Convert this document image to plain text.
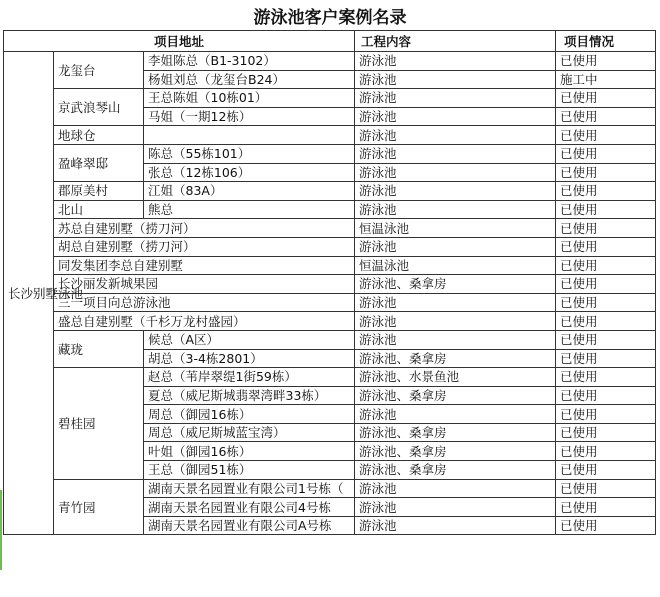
游泳池客户案例名录
项目地址			工程内容	项目情况
	龙玺台	李姐陈总（B1-3102）	游泳池	已使用
		杨姐刘总（龙玺台B24）	游泳池	施工中
	京武浪琴山	王总陈姐（10栋01）	游泳池	已使用
		马姐（一期12栋）	游泳池	已使用
	地球仓		游泳池	已使用
	盈峰翠邸	陈总（55栋101）	游泳池	已使用
		张总（12栋106）	游泳池	已使用
	郡原美村	江姐（83A）	游泳池	已使用
	北山	熊总	游泳池	已使用
	苏总自建别墅（捞刀河）		恒温泳池	已使用
	胡总自建别墅（捞刀河）		游泳池	已使用
	同发集团李总自建别墅		恒温泳池	已使用
长沙别墅泳池	长沙丽发新城果园		游泳池、桑拿房	已使用
	三一项目向总游泳池		游泳池	已使用
	盛总自建别墅（千杉万龙村盛园）		游泳池	已使用
	藏珑	候总（A区）	游泳池	已使用
		胡总（3-4栋2801）	游泳池、桑拿房	已使用
	碧桂园	赵总（苇岸翠缇1街59栋）	游泳池、水景鱼池	已使用
		夏总（威尼斯城翡翠湾畔33栋）	游泳池、桑拿房	已使用
		周总（御园16栋）	游泳池	已使用
		周总（威尼斯城蓝宝湾）	游泳池、桑拿房	已使用
		叶姐（御园16栋）	游泳池、桑拿房	已使用
		王总（御园51栋）	游泳池、桑拿房	已使用
	青竹园	湖南天景名园置业有限公司1号栋（	游泳池	已使用
		湖南天景名园置业有限公司4号栋	游泳池	已使用
		湖南天景名园置业有限公司A号栋	游泳池	已使用
